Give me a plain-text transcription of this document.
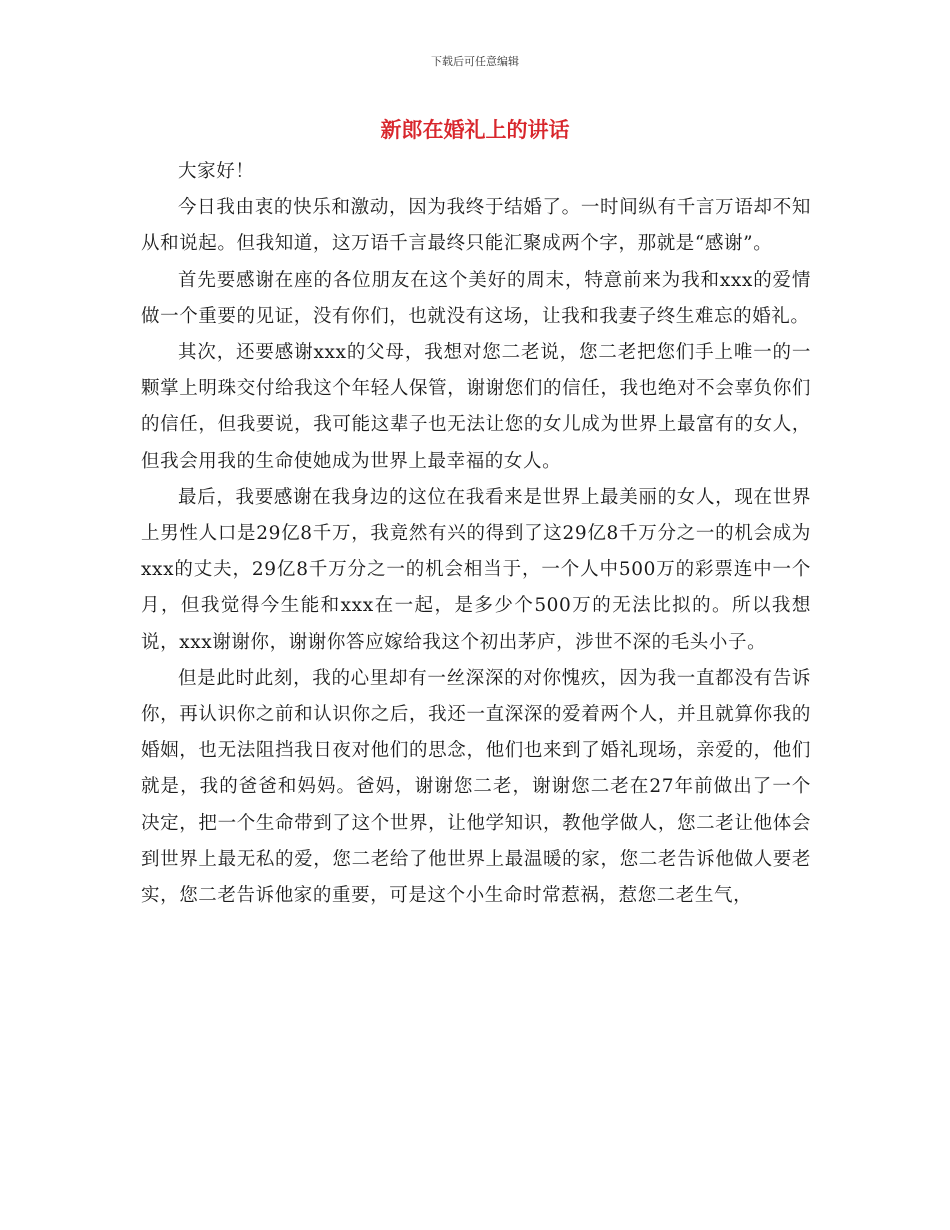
下载后可任意编辑
新郎在婚礼上的讲话

大家好！

今日我由衷的快乐和激动，因为我终于结婚了。一时间纵有千言万语却不知从和说起。但我知道，这万语千言最终只能汇聚成两个字，那就是“感谢”。

首先要感谢在座的各位朋友在这个美好的周末，特意前来为我和xxx的爱情做一个重要的见证，没有你们，也就没有这场，让我和我妻子终生难忘的婚礼。

其次，还要感谢xxx的父母，我想对您二老说，您二老把您们手上唯一的一颗掌上明珠交付给我这个年轻人保管，谢谢您们的信任，我也绝对不会辜负你们的信任，但我要说，我可能这辈子也无法让您的女儿成为世界上最富有的女人，但我会用我的生命使她成为世界上最幸福的女人。

最后，我要感谢在我身边的这位在我看来是世界上最美丽的女人，现在世界上男性人口是29亿8千万，我竟然有兴的得到了这29亿8千万分之一的机会成为xxx的丈夫，29亿8千万分之一的机会相当于，一个人中500万的彩票连中一个月，但我觉得今生能和xxx在一起，是多少个500万的无法比拟的。所以我想说，xxx谢谢你，谢谢你答应嫁给我这个初出茅庐，涉世不深的毛头小子。

但是此时此刻，我的心里却有一丝深深的对你愧疚，因为我一直都没有告诉你，再认识你之前和认识你之后，我还一直深深的爱着两个人，并且就算你我的婚姻，也无法阻挡我日夜对他们的思念，他们也来到了婚礼现场，亲爱的，他们就是，我的爸爸和妈妈。爸妈，谢谢您二老，谢谢您二老在27年前做出了一个决定，把一个生命带到了这个世界，让他学知识，教他学做人，您二老让他体会到世界上最无私的爱，您二老给了他世界上最温暖的家，您二老告诉他做人要老实，您二老告诉他家的重要，可是这个小生命时常惹祸，惹您二老生气，
